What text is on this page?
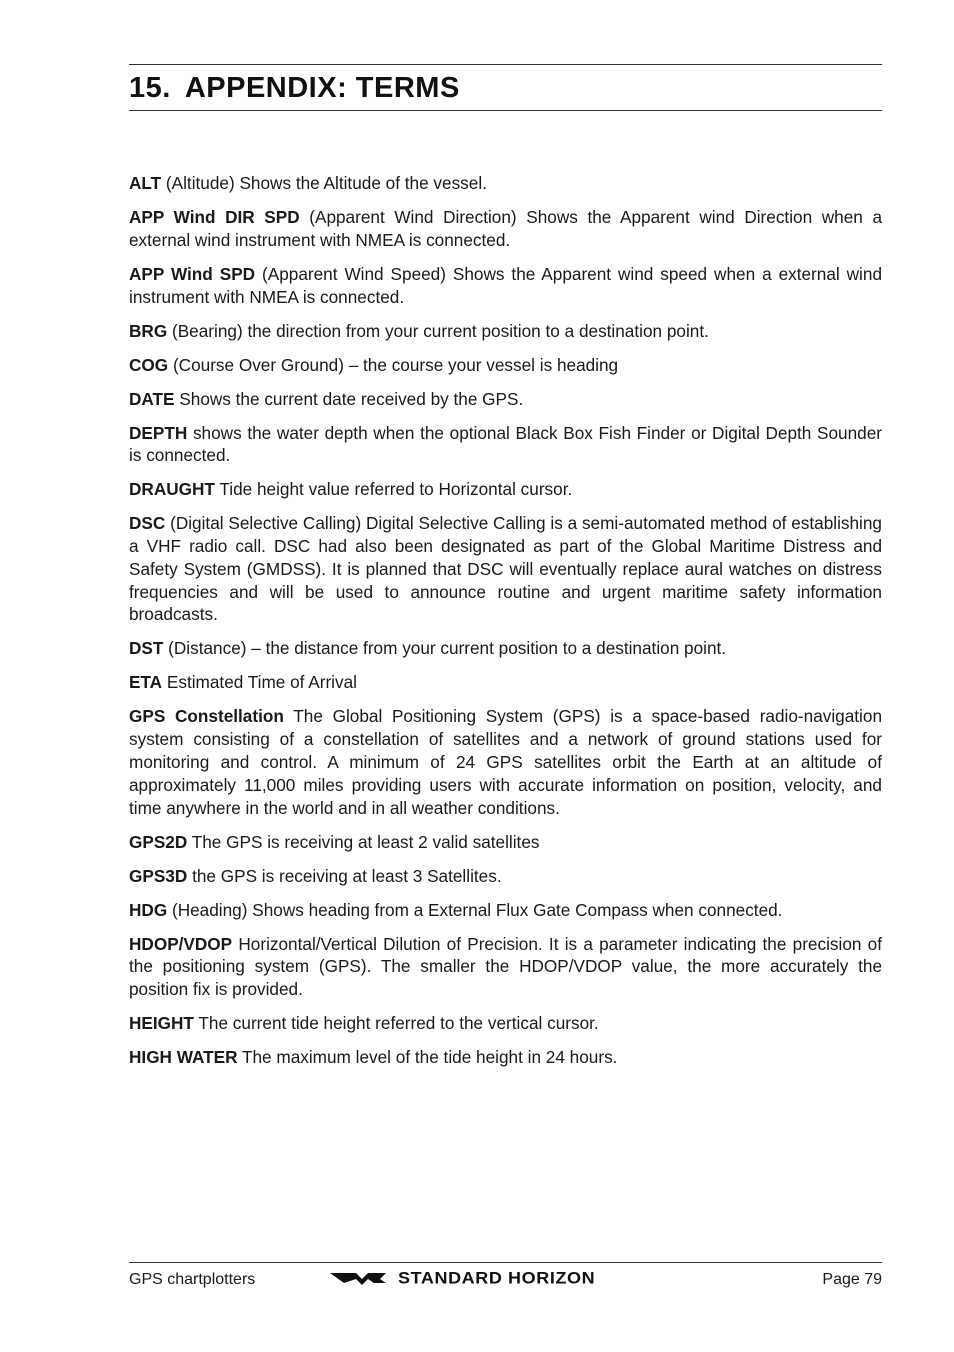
15. APPENDIX: TERMS

ALT (Altitude) Shows the Altitude of the vessel.

APP Wind DIR SPD (Apparent Wind Direction) Shows the Apparent wind Direction when a external wind instrument with NMEA is connected.

APP Wind SPD (Apparent Wind Speed) Shows the Apparent wind speed when a external wind instrument with NMEA is connected.

BRG (Bearing) the direction from your current position to a destination point.

COG (Course Over Ground) – the course your vessel is heading

DATE Shows the current date received by the GPS.

DEPTH shows the water depth when the optional Black Box Fish Finder or Digital Depth Sounder is connected.

DRAUGHT Tide height value referred to Horizontal cursor.

DSC (Digital Selective Calling) Digital Selective Calling is a semi-automated method of establishing a VHF radio call. DSC had also been designated as part of the Global Maritime Distress and Safety System (GMDSS). It is planned that DSC will eventually replace aural watches on distress frequencies and will be used to announce routine and urgent maritime safety information broadcasts.

DST (Distance) – the distance from your current position to a destination point.

ETA Estimated Time of Arrival

GPS Constellation The Global Positioning System (GPS) is a space-based radio-navigation system consisting of a constellation of satellites and a network of ground stations used for monitoring and control. A minimum of 24 GPS satellites orbit the Earth at an altitude of approximately 11,000 miles providing users with accurate information on position, velocity, and time anywhere in the world and in all weather conditions.

GPS2D The GPS is receiving at least 2 valid satellites

GPS3D the GPS is receiving at least 3 Satellites.

HDG (Heading) Shows heading from a External Flux Gate Compass when connected.

HDOP/VDOP Horizontal/Vertical Dilution of Precision. It is a parameter indicating the precision of the positioning system (GPS). The smaller the HDOP/VDOP value, the more accurately the position fix is provided.

HEIGHT The current tide height referred to the vertical cursor.

HIGH WATER The maximum level of the tide height in 24 hours.

GPS chartplotters	STANDARD HORIZON	Page 79
